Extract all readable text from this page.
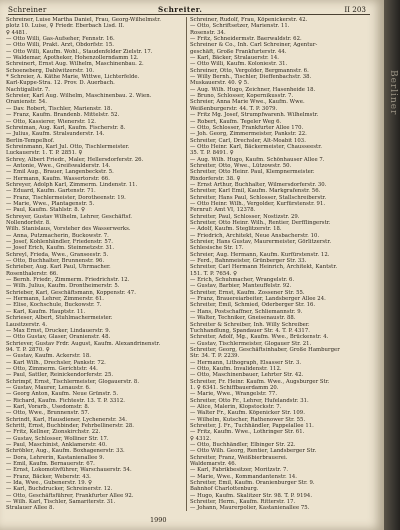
Schreiner	Schreiter.	II 203
Schreiner, Luise Martha Daniel, Frau, Georg-Wilhelmstr.
plotz 10. Luise, ♀ Friedr. Eberbach Lisd. II.
♀ 4481.
— Otto Willi, Gas-Aufseher, Fennstr. 16.
— Otto Willi, Prakt. Arzt, Obdorfstr. 15.
— Otto Willi, Kaufm. Wohl., Staudenfelder Zielstr. 17.
— Waldemar, Apotheker, Hohenzollerndamm 12.
Schreinert, Ernst Aug. Wilhelm, Maschinenbau. 2.
Schoeneberg, Dahlwitzerstr. 10.
* Schreier, A. Käthe Marie, Wittwe, Lichterfelde.
Karl-Kuppe-Stra. 12. Prov. D. Auerbach.
Nachtigallstr. 7.
Schreier, Karl Aug. Wilhelm, Maschinenbau. 2. Wien.
Oranienstr. 54.
— Dav. Robert, Tischler, Marienstr. 18.
— Franz, Kaufm. Brandenb. Mittelstr. 52.
— Otto, Kassierer, Wienerstr. 12.
Schreiman, Aug. Karl, Kaufm. Fischerstr. 8.
— Julius, Kaufm. Stralsunderstr. 14.
Berlin-Tempelhof.
Schreinmann, Karl Jul. Otto, Tischlermeister.
Luckauerstr. 1. T. P. 2851. ♀
Schrey, Albert Friedr., Maler, Hellersdorferstr. 26.
— Antonie, Wwe., Greifswalderstr. 14.
— Emil Aug., Brauer, Langenbeckstr. 5.
— Hermann, Kaufm. Wassertorstr. 66.
Schreyer, Adolph Karl, Zimmerm. Lindenstr. 11.
— Eduard, Kaufm. Gartenstr. 71.
— Franz, Tischlermeister, Dorotheenstr. 19.
— Marie, Wwe., Plantagenstr. 5.
— Paul, Kaufm. Stahlstr. 8. ♀
Schreyer, Gustav Wilhelm, Lehrer, Geschäftsf.
Nollendorfstr. 8.
Wilh. Stanislaus, Vorsteher des Wasserwerks.
— Anna, Putzmacherin, Buckowstr. 7.
— Josef, Kohlenhändler, Friedenstr. 57.
— Josef Erich, Kaufm. Steinmetzstr. 31.
Schreyl, Frieda, Wwe., Granseestr. 5.
— Otto, Buchhalter, Brunnenstr. 96.
Schrieber, Aug. Karl Paul, Uhrmacher.
Rosenthalerstr. 66.
— Bernh. Friedr., Zimmerm. Friedrichstr. 12.
— Wilh. Julius, Kaufm. Drontheimerstr. 5.
Schrieber, Karl, Geschäftsmann, Koppenstr. 47.
— Hermann, Lehrer, Zimmerstr. 61.
— Elise, Kochschule, Buckowstr. 7.
— Karl, Kaufm. Hauptstr. 11.
Schrieser, Albert, Stuhlmachermeister.
Lausitzerstr. 4.
— Max Ernst, Drucker, Lindauerstr. 9.
— Otto Gustav, Glaser, Oranienstr. 48.
Schriever, Gustav Frdr. August, Kaufm. Alexandrinenstr.
94. T. P. 2870. ♀
— Gustav, Kaufm. Ackerstr. 18.
— Karl Wilh., Drechsler, Pankstr. 72.
— Otto, Zimmerm. Gerichtstr. 44.
— Paul, Sattler, Reinickendorferstr. 25.
Schrimpf, Ernst, Tischlermeister, Glogauerstr. 8.
— Gustav, Maurer, Lenaustr. 6.
— Georg Anton, Kaufm. Neue Grünstr. 5.
— Richard, Kaufm. Fichtestr. 13. T. P. 3312.
— Karl, Vorarb., Usedomstr. 8.
— Otto, Wwe., Brunnenstr. 57.
Schrindt, Karl, Hausdiener, Lychenerstr. 34.
Schritt, Ernst, Buchbinder, Fehrbellinerstr. 28.
— Fritz, Kellner, Zionskirchstr. 22.
— Gustav, Schlosser, Wolliner Str. 17.
— Paul, Maschinist, Anklamerstr. 40.
Schröbler, Aug., Kaufm. Boxhagenerstr. 33.
— Dora, Lehrerin, Kastanienallee 9.
— Emil, Kaufm. Bernauerstr. 67.
— Ernst, Lokomotivführer, Warschauerstr. 54.
— Franz, Bäcker, Weberstr. 43.
— Ida, Wwe., Gubenerstr. 19. ♀
— Karl, Buchdrucker, Schreinerstr. 12.
— Otto, Geschäftsführer, Frankfurter Allee 92.
— Wilh. Karl, Tischler, Samariterstr. 31.
Stralauer Allee 8.
Schreiner, Rudolf, Frau, Köpenickerstr. 42.
— Otto, Schriftsetzer, Marienstr. 11.
Rosenstr. 34.
— Fritz, Schneidermstr. Baerwaldstr. 62.
Schreiner & Co., Inh. Carl Schreiner, Agentur-
geschäft, Große Frankfurterstr. 44.
— Karl, Bäcker, Stralauerstr. 14.
— Otto Willi, Kaufm. Koloniestr. 31.
Schreiner, Otto, Vergolder, Bergmannstr. 6.
— Willy Bernh., Tischler, Dieffenbachstr. 38.
Muskauerstr. 40. ♀ 5.
— Aug. Wilh. Hugo, Zeichner, Hasenheide 18.
— Bruno, Schlosser, Kopernikusstr. 7.
Schreier, Anna Marie Wwe., Kaufm. Wwe.
Weißenburgerstr. 44. T. P. 3079.
— Fritz Mg. Josef, Strumpfwarenh. Wilhelmstr.
— Robert, Kaufm. Tegeler Weg 6.
— Otto, Schlosser, Frankfurter Allee 170.
— Joh. Georg, Zimmermeister, Pankstr. 22.
Schreiter, Carl, Drechsler, Alt-Moabit 103.
— Otto Heinr. Karl, Bäckermeister, Chausseestr.
35. T. P. 8491. ♀
— Aug. Wilh. Hugo, Kaufm. Schönhauser Allee 7.
Schreiter, Otto, Wwe., Lützowstr. 50.
Schreiter, Otto Heinr. Paul, Klempnermeister.
Rixdorferstr. 38. ♀
— Ernst Arthur, Buchhalter, Wilmersdorferstr. 30.
Schreiter, Karl Emil, Kaufm. Markgrafenstr. 56.
Schreiter, Hans Paul, Schlosser, Stallschreiberstr.
— Otto Heinr. Wilh., Vergolder, Kurfürstenstr. 91.
Fernruf: Amt VI, 12378.
Schreiter, Paul, Schlosser, Nostizstr. 29.
Schreiter, Otto Heinr. Wilh., Rentier, Derfflingerstr.
— Adolf, Kaufm. Steglitzerstr. 18.
— Friedrich, Architekt, Neue Ansbacherstr. 10.
Schreier, Hans Gustav, Maurermeister, Görlitzerstr.
Schlesische Str. 17.
Schreier, Aug. Hermann, Kaufm. Kurfürstenstr. 12.
— Ferd., Bahnmeister, Grünberger Str. 33.
Schreiter, Carl Hermann Heinrich, Architekt, Kantstr.
151. T. P. 7654. ♀
— Erich, Schuhmacher, Wrangelstr. 6.
— Gustav, Barbier, Manteuffelstr. 92.
Schreiter, Ernst, Kaufm. Zossener Str. 55.
— Franz, Brauereiarbeiter, Landsberger Allee 24.
Schreiter, Emil, Schmied, Oderberger Str. 16.
— Hans, Postschaffner, Schliemannstr. 9.
— Walter, Techniker, Gneisenaustr. 88.
Schreiter & Schreiber, Inh. Willy Schreiber.
Tuchhandlung, Spandauer Str. 4. T. P. 4317.
Schreiter, Adolf, Mg., Kaufm. Wwe., Brückenstr. 4.
— Gustav, Tischlermeister, Glogauer Str. 21.
Schreiter, Georg, Geschäftsinhaber, Große Hamburger
Str. 34. T. P. 2239.
— Hermann, Lithograph, Elsasser Str. 3.
— Otto, Kaufm. Invalidenstr. 112.
— Otto, Maschinenbauer, Lehrter Str. 42.
Schreiter, Fr. Heinr. Kaufm. Wwe., Augsburger Str.
1. ♀ 6341. Schiffbauerdamm 20.
— Marie, Wwe., Wrangelstr. 77.
Schreiter, Otto Fr., Lehrer, Hufelandstr. 31.
— Alice, Malerin, Klopstockstr. 7.
— Walter Fr., Kaufm. Köpenicker Str. 109.
— Wilhelm, Kutscher, Rathenower Str. 55.
Schreiter, J. Fr., Tuchhändler, Pappelallee 11.
— Fritz, Kaufm. Wwe., Lothringer Str. 61.
♀ 4312.
— Otto, Buchhändler, Elbinger Str. 22.
— Otto Wilh. Georg, Rentier, Landsberger Str.
Schreiter, Franz, Weißbierbrauerei.
Waldemarstr. 46.
— Karl, Fabrikbesitzer, Moritzstr. 7.
— Marie, Wwe., Kommandantenstr. 14.
Schreiter, Emil, Kaufm. Oranienburger Str. 9.
Bahnhof Charlottenburg.
— Hugo, Kaufm. Skalitzer Str. 98. T. P. 9194.
Schreiter, Herm., Kaufm. Ritterstr. 17.
— Johann, Maurerpolier, Kastanienallee 75.
1990
Berliner
